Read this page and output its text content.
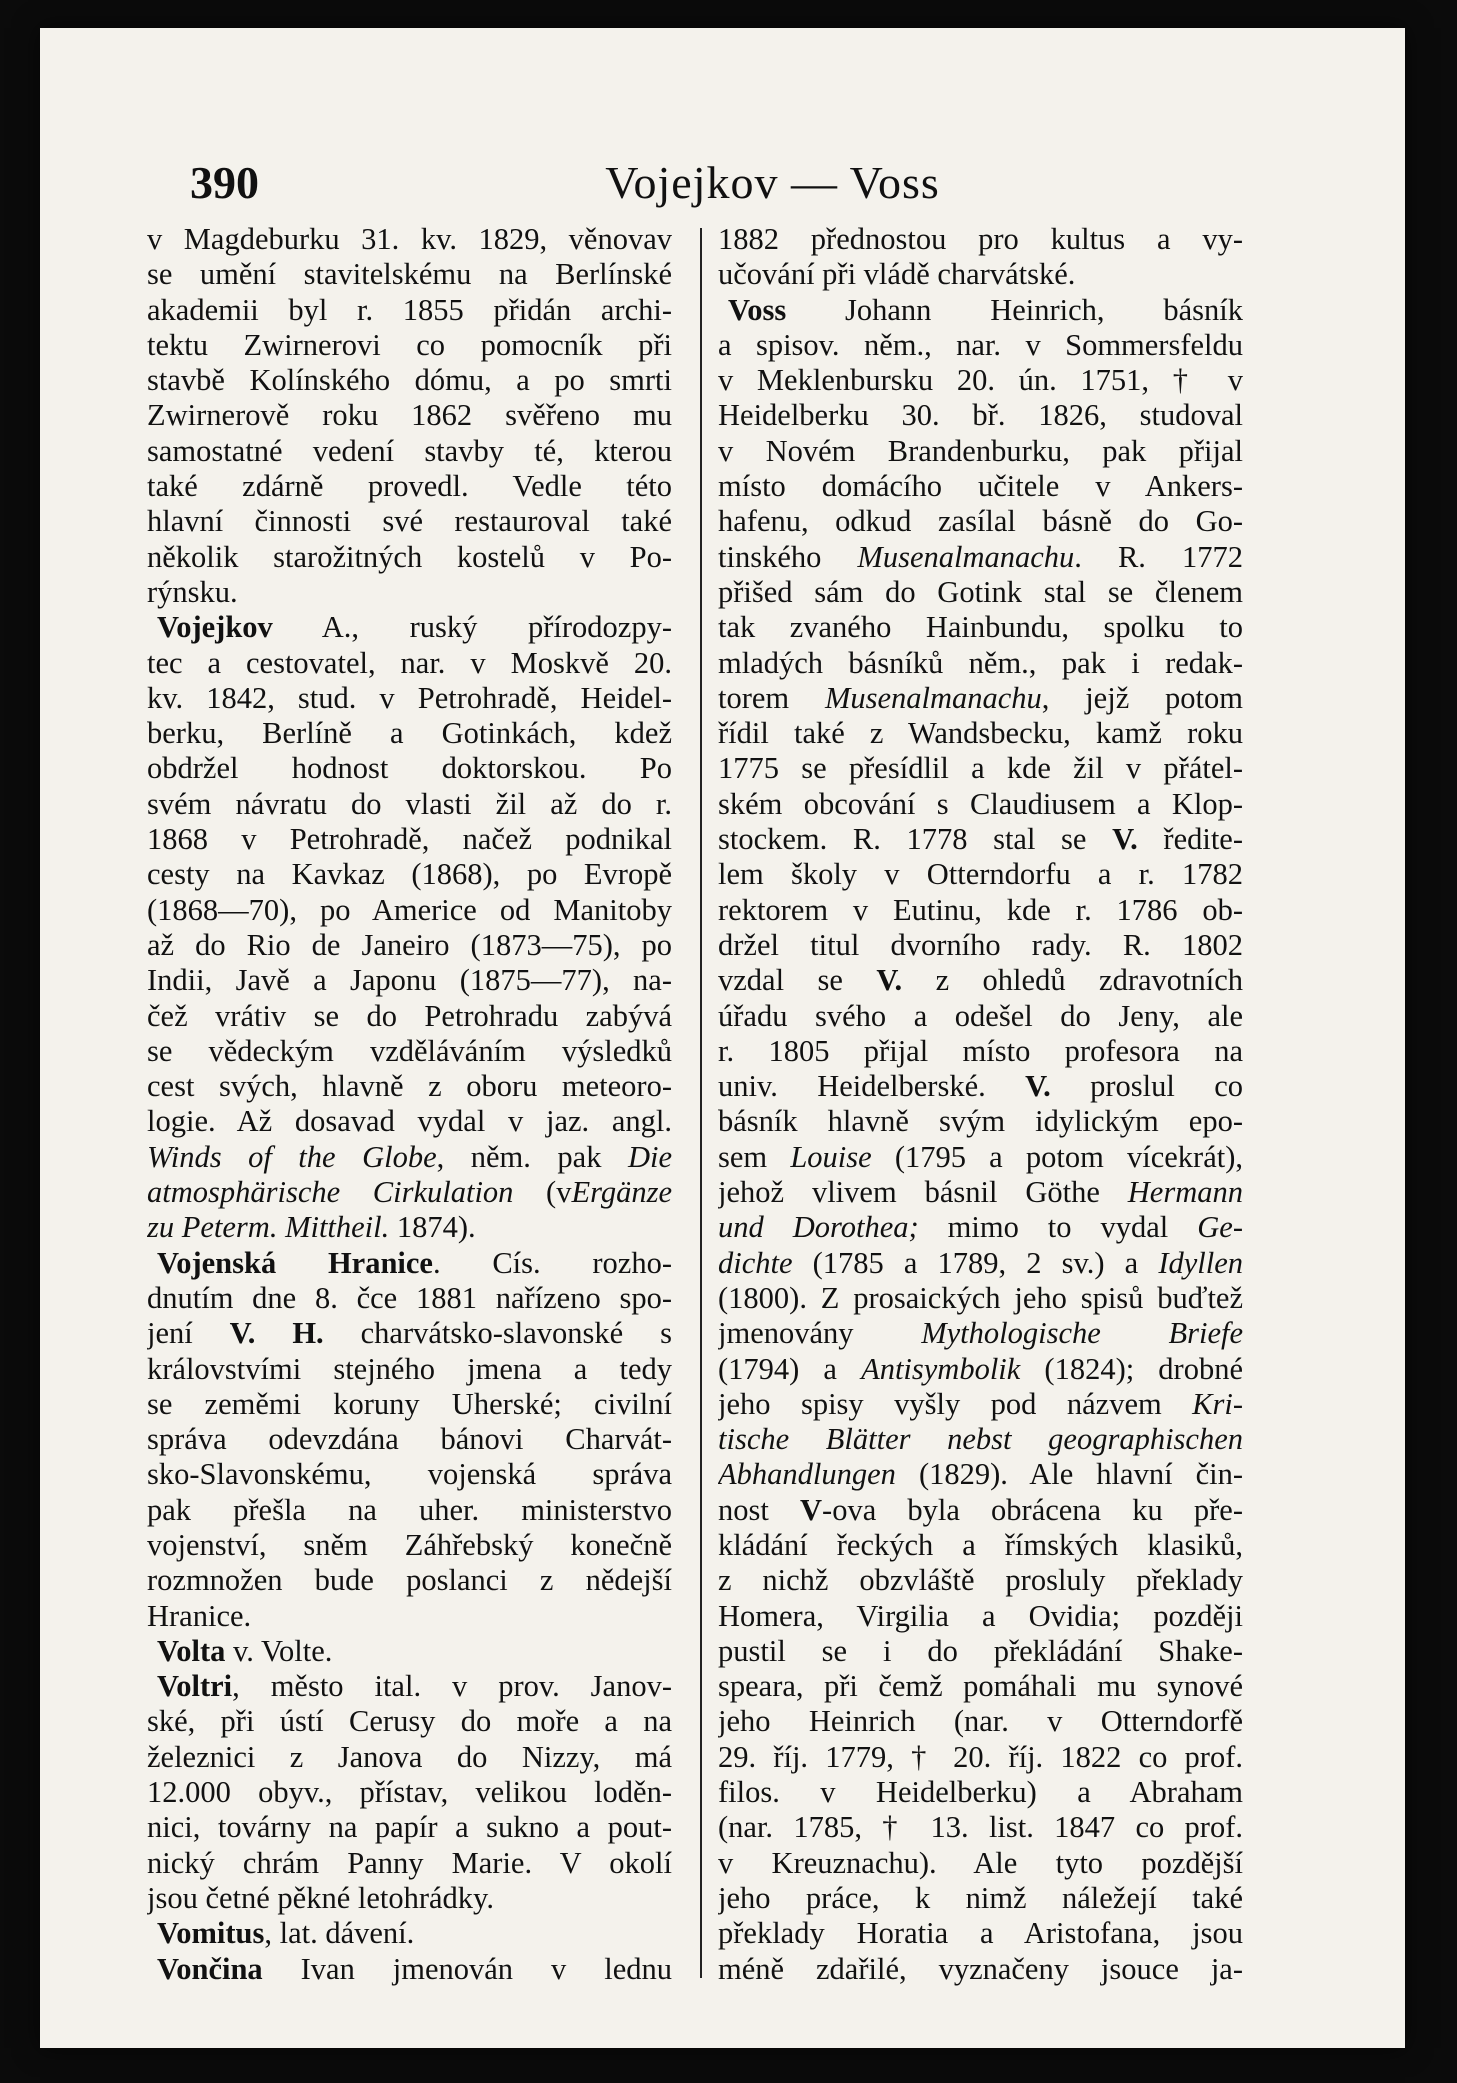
390	Vojejkov — Voss
v Magdeburku 31. kv. 1829, věnovav
se umění stavitelskému na Berlínské
akademii byl r. 1855 přidán archi-
tektu Zwirnerovi co pomocník při
stavbě Kolínského dómu, a po smrti
Zwirnerově roku 1862 svěřeno mu
samostatné vedení stavby té, kterou
také zdárně provedl. Vedle této
hlavní činnosti své restauroval také
několik starožitných kostelů v Po-
rýnsku.
Vojejkov A., ruský přírodozpy-
tec a cestovatel, nar. v Moskvě 20.
kv. 1842, stud. v Petrohradě, Heidel-
berku, Berlíně a Gotinkách, kdež
obdržel hodnost doktorskou. Po
svém návratu do vlasti žil až do r.
1868 v Petrohradě, načež podnikal
cesty na Kavkaz (1868), po Evropě
(1868—70), po Americe od Manitoby
až do Rio de Janeiro (1873—75), po
Indii, Javě a Japonu (1875—77), na-
čež vrátiv se do Petrohradu zabývá
se vědeckým vzděláváním výsledků
cest svých, hlavně z oboru meteoro-
logie. Až dosavad vydal v jaz. angl.
Winds of the Globe, něm. pak Die
atmosphärische Cirkulation (vErgänze
zu Peterm. Mittheil. 1874).
Vojenská Hranice. Cís. rozho-
dnutím dne 8. čce 1881 nařízeno spo-
jení V. H. charvátsko-slavonské s
královstvími stejného jmena a tedy
se zeměmi koruny Uherské; civilní
správa odevzdána bánovi Charvát-
sko-Slavonskému, vojenská správa
pak přešla na uher. ministerstvo
vojenství, sněm Záhřebský konečně
rozmnožen bude poslanci z nědejší
Hranice.
Volta v. Volte.
Voltri, město ital. v prov. Janov-
ské, při ústí Cerusy do moře a na
železnici z Janova do Nizzy, má
12.000 obyv., přístav, velikou loděn-
nici, továrny na papír a sukno a pout-
nický chrám Panny Marie. V okolí
jsou četné pěkné letohrádky.
Vomitus, lat. dávení.
Vončina Ivan jmenován v lednu
1882 přednostou pro kultus a vy-
učování při vládě charvátské.
Voss Johann Heinrich, básník
a spisov. něm., nar. v Sommersfeldu
v Meklenbursku 20. ún. 1751, † v
Heidelberku 30. bř. 1826, studoval
v Novém Brandenburku, pak přijal
místo domácího učitele v Ankers-
hafenu, odkud zasílal básně do Go-
tinského Musenalmanachu. R. 1772
přišed sám do Gotink stal se členem
tak zvaného Hainbundu, spolku to
mladých básníků něm., pak i redak-
torem Musenalmanachu, jejž potom
řídil také z Wandsbecku, kamž roku
1775 se přesídlil a kde žil v přátel-
ském obcování s Claudiusem a Klop-
stockem. R. 1778 stal se V. ředite-
lem školy v Otterndorfu a r. 1782
rektorem v Eutinu, kde r. 1786 ob-
držel titul dvorního rady. R. 1802
vzdal se V. z ohledů zdravotních
úřadu svého a odešel do Jeny, ale
r. 1805 přijal místo profesora na
univ. Heidelberské. V. proslul co
básník hlavně svým idylickým epo-
sem Louise (1795 a potom vícekrát),
jehož vlivem básnil Göthe Hermann
und Dorothea; mimo to vydal Ge-
dichte (1785 a 1789, 2 sv.) a Idyllen
(1800). Z prosaických jeho spisů buďtež
jmenovány Mythologische Briefe
(1794) a Antisymbolik (1824); drobné
jeho spisy vyšly pod názvem Kri-
tische Blätter nebst geographischen
Abhandlungen (1829). Ale hlavní čin-
nost V-ova byla obrácena ku pře-
kládání řeckých a římských klasiků,
z nichž obzvláště prosluly překlady
Homera, Virgilia a Ovidia; později
pustil se i do překládání Shake-
speara, při čemž pomáhali mu synové
jeho Heinrich (nar. v Otterndorfě
29. říj. 1779, † 20. říj. 1822 co prof.
filos. v Heidelberku) a Abraham
(nar. 1785, † 13. list. 1847 co prof.
v Kreuznachu). Ale tyto pozdější
jeho práce, k nimž náležejí také
překlady Horatia a Aristofana, jsou
méně zdařilé, vyznačeny jsouce ja-
